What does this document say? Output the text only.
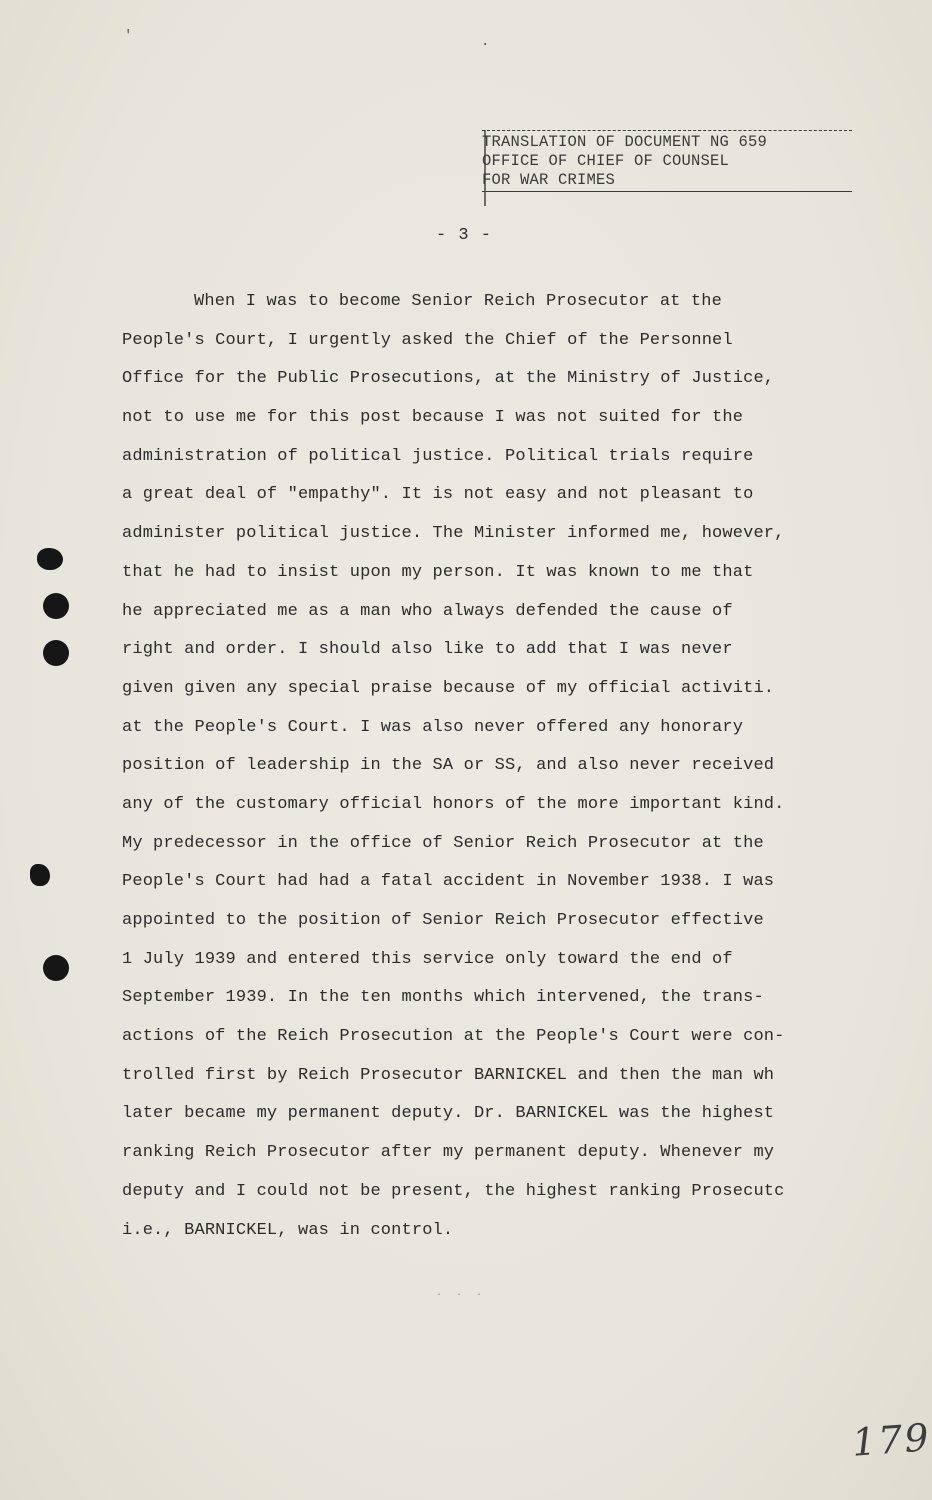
TRANSLATION OF DOCUMENT NG 659
OFFICE OF CHIEF OF COUNSEL
FOR WAR CRIMES
- 3 -
When I was to become Senior Reich Prosecutor at the
People's Court, I urgently asked the Chief of the Personnel
Office for the Public Prosecutions, at the Ministry of Justice,
not to use me for this post because I was not suited for the
administration of political justice. Political trials require
a great deal of "empathy". It is not easy and not pleasant to
administer political justice. The Minister informed me, however,
that he had to insist upon my person. It was known to me that
he appreciated me as a man who always defended the cause of
right and order. I should also like to add that I was never
given given any special praise because of my official activiti.
at the People's Court. I was also never offered any honorary
position of leadership in the SA or SS, and also never received
any of the customary official honors of the more important kind.
My predecessor in the office of Senior Reich Prosecutor at the
People's Court had had a fatal accident in November 1938. I was
appointed to the position of Senior Reich Prosecutor effective
1 July 1939 and entered this service only toward the end of
September 1939. In the ten months which intervened, the trans-
actions of the Reich Prosecution at the People's Court were con-
trolled first by Reich Prosecutor BARNICKEL and then the man wh
later became my permanent deputy. Dr. BARNICKEL was the highest
ranking Reich Prosecutor after my permanent deputy. Whenever my
deputy and I could not be present, the highest ranking Prosecutc
i.e., BARNICKEL, was in control.
'	.
· · ·
179
